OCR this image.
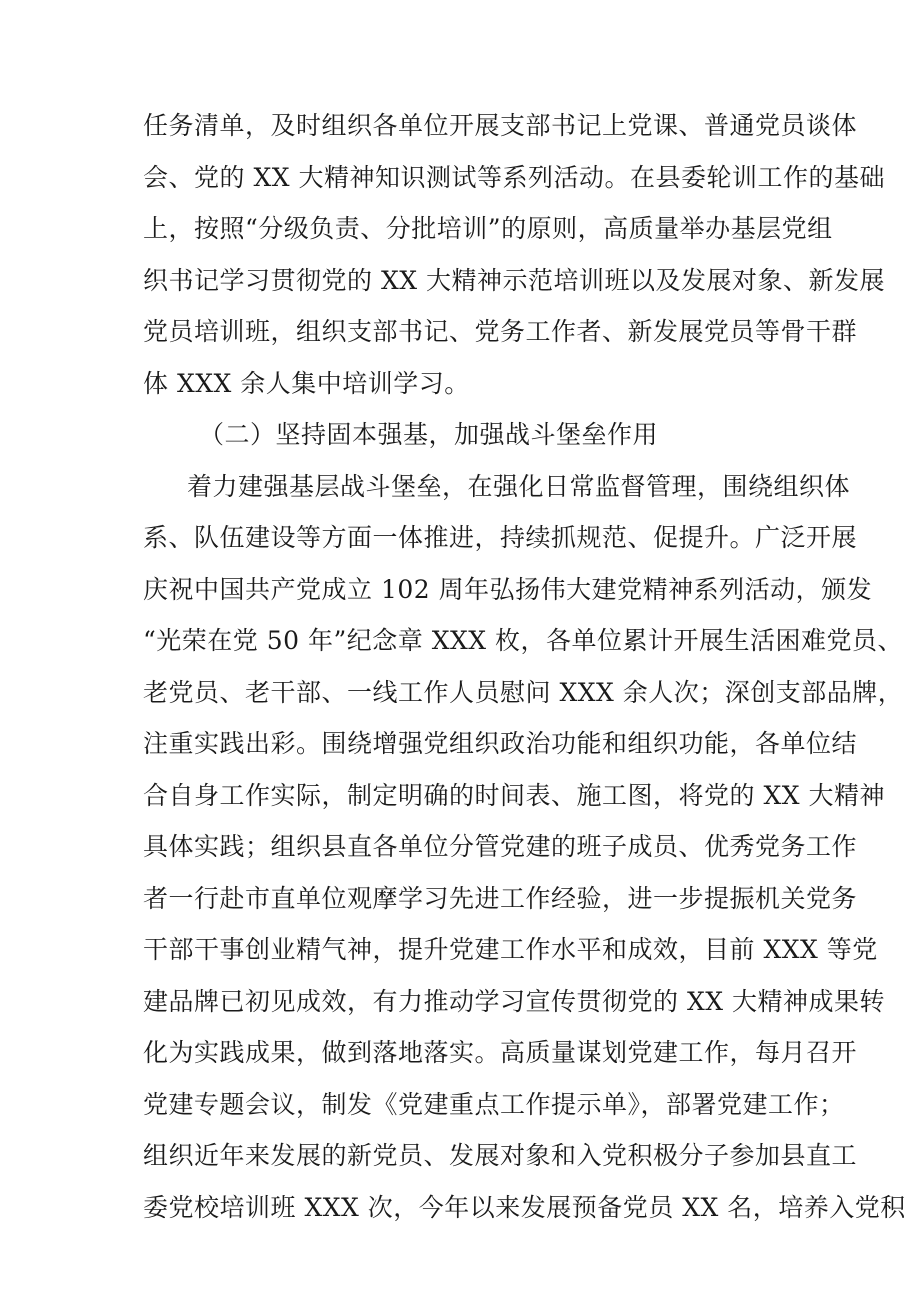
任务清单，及时组织各单位开展支部书记上党课、普通党员谈体
会、党的 XX 大精神知识测试等系列活动。在县委轮训工作的基础
上，按照“分级负责、分批培训”的原则，高质量举办基层党组
织书记学习贯彻党的 XX 大精神示范培训班以及发展对象、新发展
党员培训班，组织支部书记、党务工作者、新发展党员等骨干群
体 XXX 余人集中培训学习。
（二）坚持固本强基，加强战斗堡垒作用
着力建强基层战斗堡垒，在强化日常监督管理，围绕组织体
系、队伍建设等方面一体推进，持续抓规范、促提升。广泛开展
庆祝中国共产党成立 102 周年弘扬伟大建党精神系列活动，颁发
“光荣在党 50 年”纪念章 XXX 枚，各单位累计开展生活困难党员、
老党员、老干部、一线工作人员慰问 XXX 余人次；深创支部品牌，
注重实践出彩。围绕增强党组织政治功能和组织功能，各单位结
合自身工作实际，制定明确的时间表、施工图，将党的 XX 大精神
具体实践；组织县直各单位分管党建的班子成员、优秀党务工作
者一行赴市直单位观摩学习先进工作经验，进一步提振机关党务
干部干事创业精气神，提升党建工作水平和成效，目前 XXX 等党
建品牌已初见成效，有力推动学习宣传贯彻党的 XX 大精神成果转
化为实践成果，做到落地落实。高质量谋划党建工作，每月召开
党建专题会议，制发《党建重点工作提示单》，部署党建工作；
组织近年来发展的新党员、发展对象和入党积极分子参加县直工
委党校培训班 XXX 次，今年以来发展预备党员 XX 名，培养入党积
